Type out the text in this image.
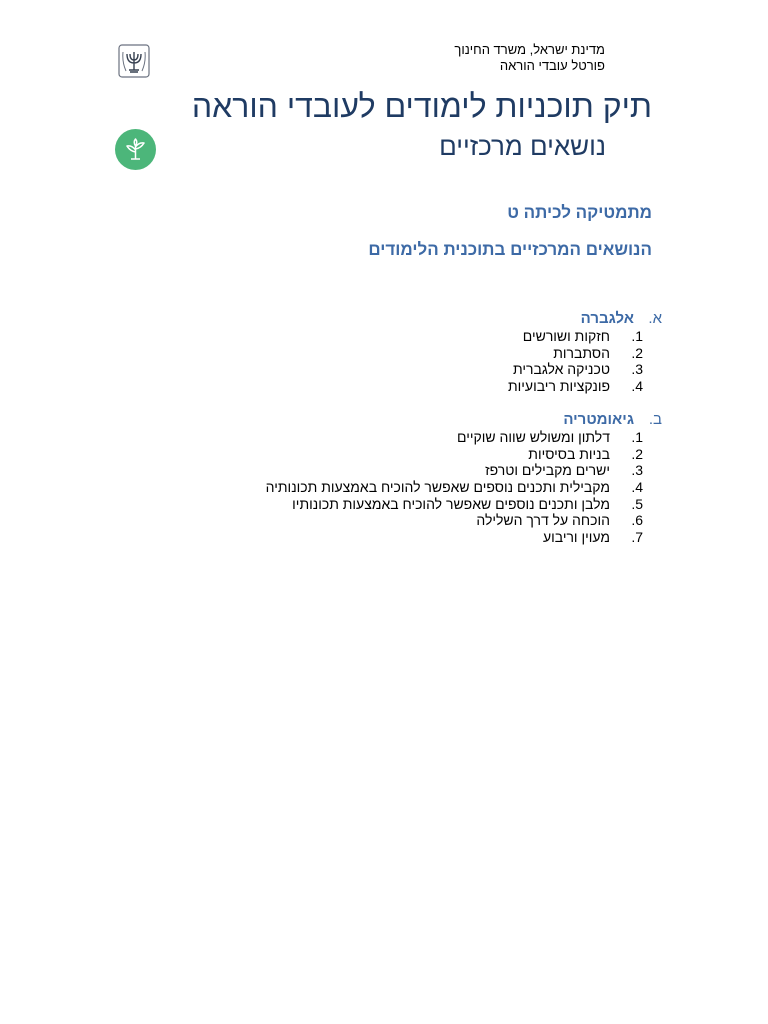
מדינת ישראל, משרד החינוך
פורטל עובדי הוראה
תיק תוכניות לימודים לעובדי הוראה
נושאים מרכזיים
מתמטיקה לכיתה ט
הנושאים המרכזיים בתוכנית הלימודים
א.אלגברה
1.חזקות ושורשים
2.הסתברות
3.טכניקה אלגברית
4.פונקציות ריבועיות
ב.גיאומטריה
1.דלתון ומשולש שווה שוקיים
2.בניות בסיסיות
3.ישרים מקבילים וטרפז
4.מקבילית ותכנים נוספים שאפשר להוכיח באמצעות תכונותיה
5.מלבן ותכנים נוספים שאפשר להוכיח באמצעות תכונותיו
6.הוכחה על דרך השלילה
7.מעוין וריבוע
